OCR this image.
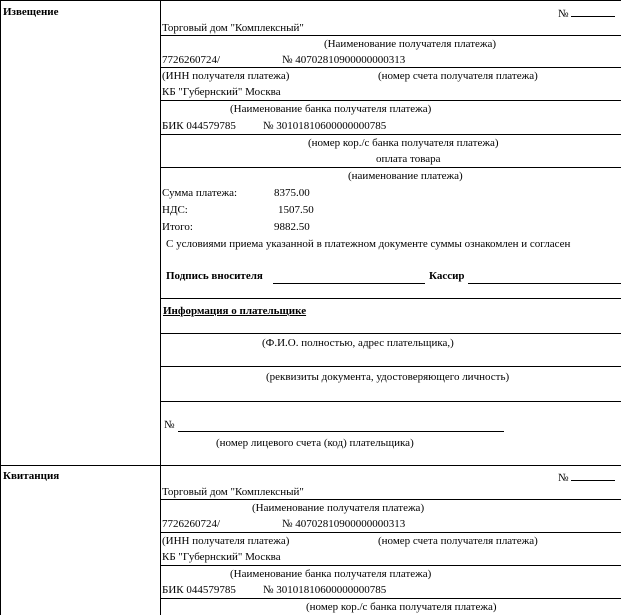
Извещение	№
Торговый дом "Комплексный"
(Наименование получателя платежа)
7726260724/	№ 40702810900000000313
(ИНН получателя платежа)	(номер счета получателя платежа)
КБ "Губернский" Москва
(Наименование банка получателя платежа)
БИК 044579785 № 30101810600000000785
(номер кор./с банка получателя платежа)
оплата товара
(наименование платежа)
Сумма платежа:	8375.00
НДС:	1507.50
Итого:	9882.50
С условиями приема указанной в платежном документе суммы ознакомлен и согласен
Подпись вносителя	Кассир
Информация о плательщике
(Ф.И.О. полностью, адрес плательщика,)
(реквизиты документа, удостоверяющего личность)
№
(номер лицевого счета (код) плательщика)
Квитанция	№
Торговый дом "Комплексный"
(Наименование получателя платежа)
7726260724/	№ 40702810900000000313
(ИНН получателя платежа)	(номер счета получателя платежа)
КБ "Губернский" Москва
(Наименование банка получателя платежа)
БИК 044579785 № 30101810600000000785
(номер кор./с банка получателя платежа)
